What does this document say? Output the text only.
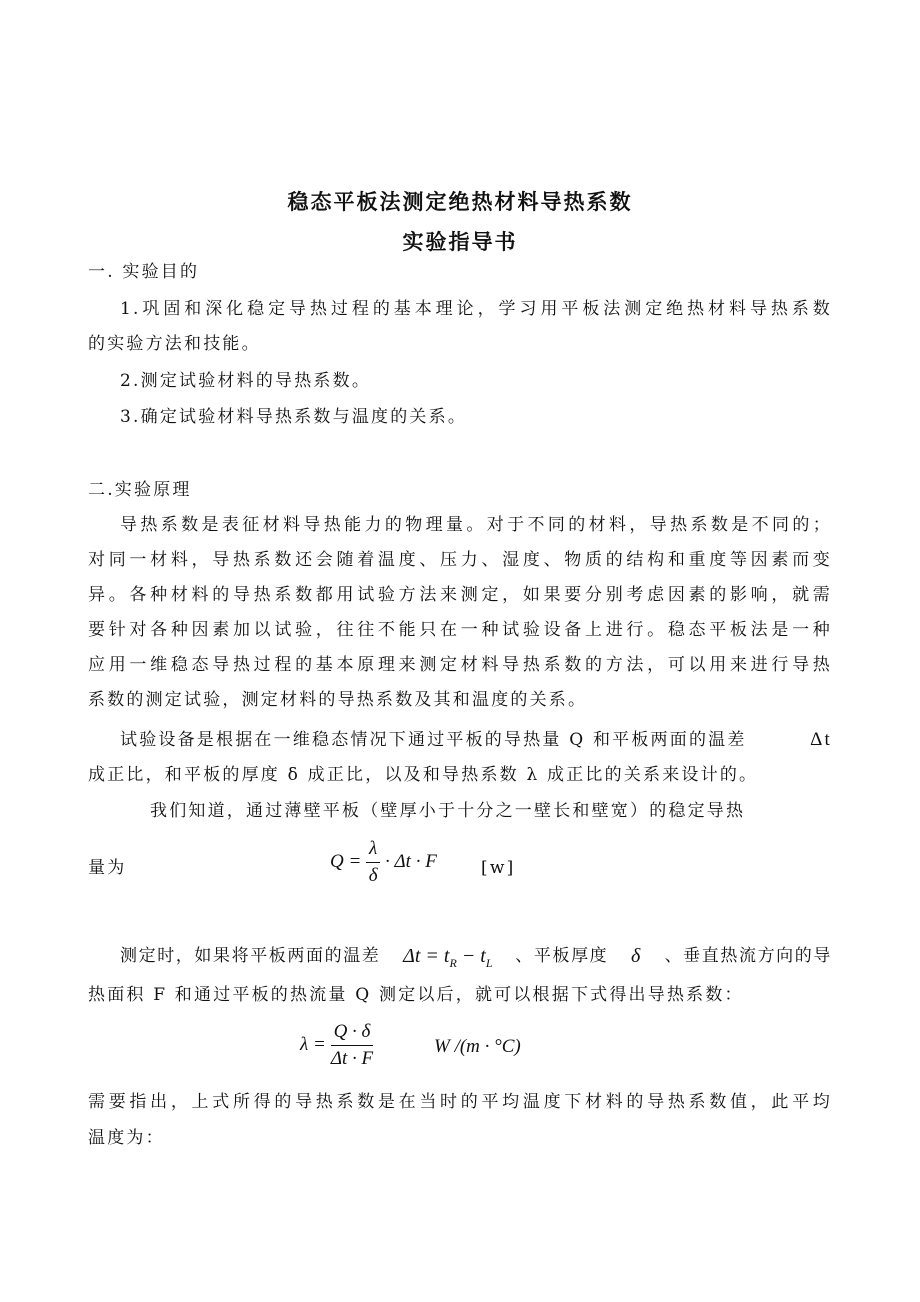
稳态平板法测定绝热材料导热系数
实验指导书
一. 实验目的
1.巩固和深化稳定导热过程的基本理论，学习用平板法测定绝热材料导热系数
的实验方法和技能。
2.测定试验材料的导热系数。
3.确定试验材料导热系数与温度的关系。
二.实验原理
导热系数是表征材料导热能力的物理量。对于不同的材料，导热系数是不同的；
对同一材料，导热系数还会随着温度、压力、湿度、物质的结构和重度等因素而变
异。各种材料的导热系数都用试验方法来测定，如果要分别考虑因素的影响，就需
要针对各种因素加以试验，往往不能只在一种试验设备上进行。稳态平板法是一种
应用一维稳态导热过程的基本原理来测定材料导热系数的方法，可以用来进行导热
系数的测定试验，测定材料的导热系数及其和温度的关系。
试验设备是根据在一维稳态情况下通过平板的导热量 Q 和平板两面的温差	Δt
成正比，和平板的厚度 δ 成正比，以及和导热系数 λ 成正比的关系来设计的。
我们知道，通过薄壁平板（壁厚小于十分之一壁长和壁宽）的稳定导热
量为	$Q = \frac{\lambda}{\delta} \cdot \Delta t \cdot F$	[w]
测定时，如果将平板两面的温差 $\Delta t = t_R - t_L$ 、平板厚度 δ 、垂直热流方向的导
热面积 F 和通过平板的热流量 Q 测定以后，就可以根据下式得出导热系数：
$\lambda = \frac{Q \cdot \delta}{\Delta t \cdot F}$	W /(m · °C)
需要指出，上式所得的导热系数是在当时的平均温度下材料的导热系数值，此平均
温度为：
